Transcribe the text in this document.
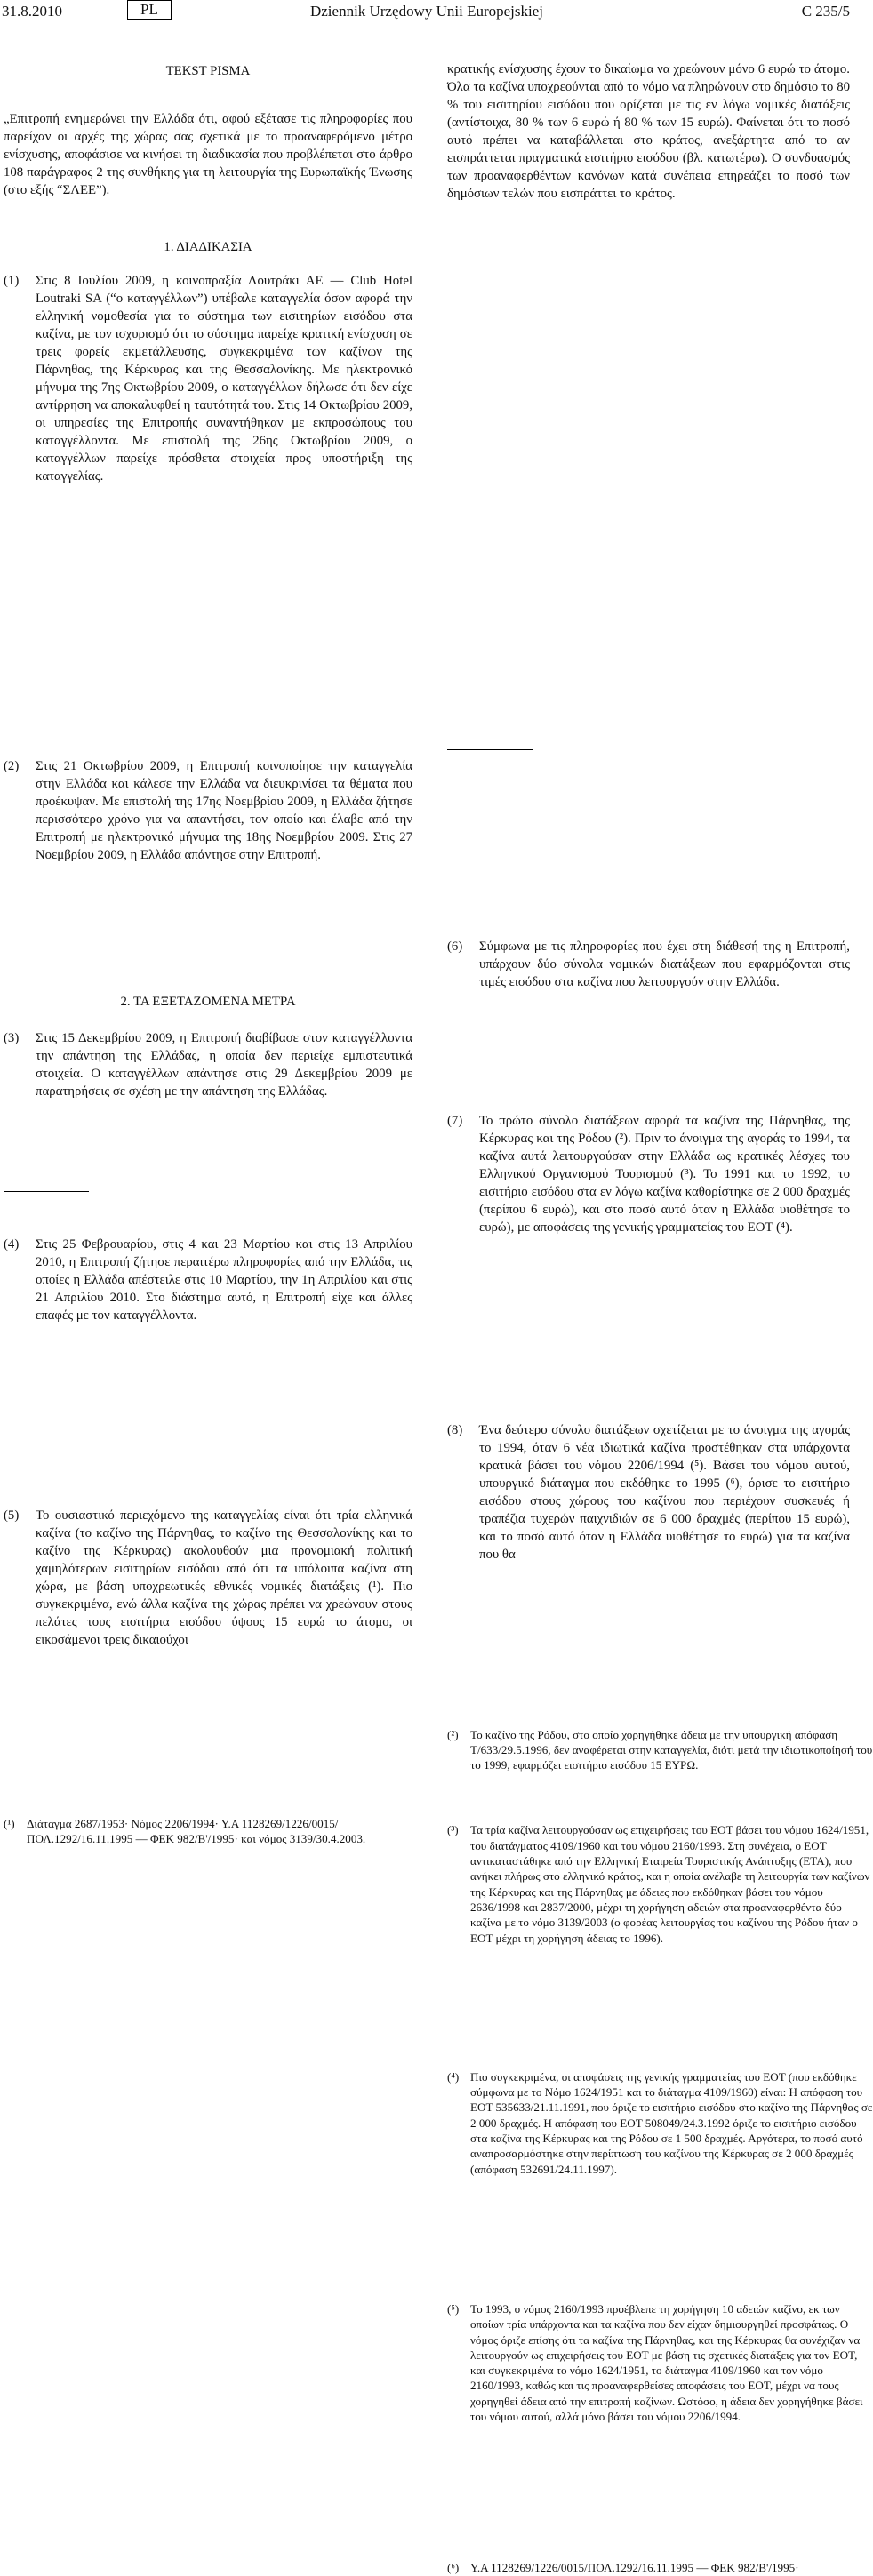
31.8.2010	PL	Dziennik Urzędowy Unii Europejskiej	C 235/5

TEKST PISMA

„Επιτροπή ενημερώνει την Ελλάδα ότι, αφού εξέτασε τις πληροφορίες που παρείχαν οι αρχές της χώρας σας σχετικά με το προαναφερόμενο μέτρο ενίσχυσης, αποφάσισε να κινήσει τη διαδικασία που προβλέπεται στο άρθρο 108 παράγραφος 2 της συνθήκης για τη λειτουργία της Ευρωπαϊκής Ένωσης (στο εξής “ΣΛΕΕ”).

1. ΔΙΑΔΙΚΑΣΙΑ

(1) Στις 8 Ιουλίου 2009, η κοινοπραξία Λουτράκι ΑΕ — Club Hotel Loutraki SA (“ο καταγγέλλων”) υπέβαλε καταγγελία όσον αφορά την ελληνική νομοθεσία για το σύστημα των εισιτηρίων εισόδου στα καζίνα, με τον ισχυρισμό ότι το σύστημα παρείχε κρατική ενίσχυση σε τρεις φορείς εκμετάλλευσης, συγκεκριμένα των καζίνων της Πάρνηθας, της Κέρκυρας και της Θεσσαλονίκης. Με ηλεκτρονικό μήνυμα της 7ης Οκτωβρίου 2009, ο καταγγέλλων δήλωσε ότι δεν είχε αντίρρηση να αποκαλυφθεί η ταυτότητά του. Στις 14 Οκτωβρίου 2009, οι υπηρεσίες της Επιτροπής συναντήθηκαν με εκπροσώπους του καταγγέλλοντα. Με επιστολή της 26ης Οκτωβρίου 2009, ο καταγγέλλων παρείχε πρόσθετα στοιχεία προς υποστήριξη της καταγγελίας.

(2) Στις 21 Οκτωβρίου 2009, η Επιτροπή κοινοποίησε την καταγγελία στην Ελλάδα και κάλεσε την Ελλάδα να διευκρινίσει τα θέματα που προέκυψαν. Με επιστολή της 17ης Νοεμβρίου 2009, η Ελλάδα ζήτησε περισσότερο χρόνο για να απαντήσει, τον οποίο και έλαβε από την Επιτροπή με ηλεκτρονικό μήνυμα της 18ης Νοεμβρίου 2009. Στις 27 Νοεμβρίου 2009, η Ελλάδα απάντησε στην Επιτροπή.

(3) Στις 15 Δεκεμβρίου 2009, η Επιτροπή διαβίβασε στον καταγγέλλοντα την απάντηση της Ελλάδας, η οποία δεν περιείχε εμπιστευτικά στοιχεία. Ο καταγγέλλων απάντησε στις 29 Δεκεμβρίου 2009 με παρατηρήσεις σε σχέση με την απάντηση της Ελλάδας.

(4) Στις 25 Φεβρουαρίου, στις 4 και 23 Μαρτίου και στις 13 Απριλίου 2010, η Επιτροπή ζήτησε περαιτέρω πληροφορίες από την Ελλάδα, τις οποίες η Ελλάδα απέστειλε στις 10 Μαρτίου, την 1η Απριλίου και στις 21 Απριλίου 2010. Στο διάστημα αυτό, η Επιτροπή είχε και άλλες επαφές με τον καταγγέλλοντα.

2. ΤΑ ΕΞΕΤΑΖΟΜΕΝΑ ΜΕΤΡΑ

(5) Το ουσιαστικό περιεχόμενο της καταγγελίας είναι ότι τρία ελληνικά καζίνα (το καζίνο της Πάρνηθας, το καζίνο της Θεσσαλονίκης και το καζίνο της Κέρκυρας) ακολουθούν μια προνομιακή πολιτική χαμηλότερων εισιτηρίων εισόδου από ότι τα υπόλοιπα καζίνα στη χώρα, με βάση υποχρεωτικές εθνικές νομικές διατάξεις (¹). Πιο συγκεκριμένα, ενώ άλλα καζίνα της χώρας πρέπει να χρεώνουν στους πελάτες τους εισιτήρια εισόδου ύψους 15 ευρώ το άτομο, οι εικοσάμενοι τρεις δικαιούχοι

(¹) Διάταγμα 2687/1953· Νόμος 2206/1994· Υ.Α 1128269/1226/0015/ΠΟΛ.1292/16.11.1995 — ΦΕΚ 982/Β'/1995· και νόμος 3139/30.4.2003.

κρατικής ενίσχυσης έχουν το δικαίωμα να χρεώνουν μόνο 6 ευρώ το άτομο. Όλα τα καζίνα υποχρεούνται από το νόμο να πληρώνουν στο δημόσιο το 80 % του εισιτηρίου εισόδου που ορίζεται με τις εν λόγω νομικές διατάξεις (αντίστοιχα, 80 % των 6 ευρώ ή 80 % των 15 ευρώ). Φαίνεται ότι το ποσό αυτό πρέπει να καταβάλλεται στο κράτος, ανεξάρτητα από το αν εισπράττεται πραγματικά εισιτήριο εισόδου (βλ. κατωτέρω). Ο συνδυασμός των προαναφερθέντων κανόνων κατά συνέπεια επηρεάζει το ποσό των δημόσιων τελών που εισπράττει το κράτος.

(6) Σύμφωνα με τις πληροφορίες που έχει στη διάθεσή της η Επιτροπή, υπάρχουν δύο σύνολα νομικών διατάξεων που εφαρμόζονται στις τιμές εισόδου στα καζίνα που λειτουργούν στην Ελλάδα.

(7) Το πρώτο σύνολο διατάξεων αφορά τα καζίνα της Πάρνηθας, της Κέρκυρας και της Ρόδου (²). Πριν το άνοιγμα της αγοράς το 1994, τα καζίνα αυτά λειτουργούσαν στην Ελλάδα ως κρατικές λέσχες του Ελληνικού Οργανισμού Τουρισμού (³). Το 1991 και το 1992, το εισιτήριο εισόδου στα εν λόγω καζίνα καθορίστηκε σε 2 000 δραχμές (περίπου 6 ευρώ), και στο ποσό αυτό όταν η Ελλάδα υιοθέτησε το ευρώ), με αποφάσεις της γενικής γραμματείας του ΕΟΤ (⁴).

(8) Ένα δεύτερο σύνολο διατάξεων σχετίζεται με το άνοιγμα της αγοράς το 1994, όταν 6 νέα ιδιωτικά καζίνα προστέθηκαν στα υπάρχοντα κρατικά βάσει του νόμου 2206/1994 (⁵). Βάσει του νόμου αυτού, υπουργικό διάταγμα που εκδόθηκε το 1995 (⁶), όρισε το εισιτήριο εισόδου στους χώρους του καζίνου που περιέχουν συσκευές ή τραπέζια τυχερών παιχνιδιών σε 6 000 δραχμές (περίπου 15 ευρώ), και το ποσό αυτό όταν η Ελλάδα υιοθέτησε το ευρώ) για τα καζίνα που θα

(²) Το καζίνο της Ρόδου, στο οποίο χορηγήθηκε άδεια με την υπουργική απόφαση Τ/633/29.5.1996, δεν αναφέρεται στην καταγγελία, διότι μετά την ιδιωτικοποίησή του το 1999, εφαρμόζει εισιτήριο εισόδου 15 ΕΥΡΩ.

(³) Τα τρία καζίνα λειτουργούσαν ως επιχειρήσεις του ΕΟΤ βάσει του νόμου 1624/1951, του διατάγματος 4109/1960 και του νόμου 2160/1993. Στη συνέχεια, ο ΕΟΤ αντικαταστάθηκε από την Ελληνική Εταιρεία Τουριστικής Ανάπτυξης (ΕΤΑ), που ανήκει πλήρως στο ελληνικό κράτος, και η οποία ανέλαβε τη λειτουργία των καζίνων της Κέρκυρας και της Πάρνηθας με άδειες που εκδόθηκαν βάσει του νόμου 2636/1998 και 2837/2000, μέχρι τη χορήγηση αδειών στα προαναφερθέντα δύο καζίνα με το νόμο 3139/2003 (ο φορέας λειτουργίας του καζίνου της Ρόδου ήταν ο ΕΟΤ μέχρι τη χορήγηση άδειας το 1996).

(⁴) Πιο συγκεκριμένα, οι αποφάσεις της γενικής γραμματείας του ΕΟΤ (που εκδόθηκε σύμφωνα με το Νόμο 1624/1951 και το διάταγμα 4109/1960) είναι: Η απόφαση του ΕΟΤ 535633/21.11.1991, που όριζε το εισιτήριο εισόδου στο καζίνο της Πάρνηθας σε 2 000 δραχμές. Η απόφαση του ΕΟΤ 508049/24.3.1992 όριζε το εισιτήριο εισόδου στα καζίνα της Κέρκυρας και της Ρόδου σε 1 500 δραχμές. Αργότερα, το ποσό αυτό αναπροσαρμόστηκε στην περίπτωση του καζίνου της Κέρκυρας σε 2 000 δραχμές (απόφαση 532691/24.11.1997).

(⁵) Το 1993, ο νόμος 2160/1993 προέβλεπε τη χορήγηση 10 αδειών καζίνο, εκ των οποίων τρία υπάρχοντα και τα καζίνα που δεν είχαν δημιουργηθεί προσφάτως. Ο νόμος όριζε επίσης ότι τα καζίνα της Πάρνηθας, και της Κέρκυρας θα συνέχιζαν να λειτουργούν ως επιχειρήσεις του ΕΟΤ με βάση τις σχετικές διατάξεις για τον ΕΟΤ, και συγκεκριμένα το νόμο 1624/1951, το διάταγμα 4109/1960 και τον νόμο 2160/1993, καθώς και τις προαναφερθείσες αποφάσεις του ΕΟΤ, μέχρι να τους χορηγηθεί άδεια από την επιτροπή καζίνων. Ωστόσο, η άδεια δεν χορηγήθηκε βάσει του νόμου αυτού, αλλά μόνο βάσει του νόμου 2206/1994.

(⁶) Υ.Α 1128269/1226/0015/ΠΟΛ.1292/16.11.1995 — ΦΕΚ 982/Β'/1995·
